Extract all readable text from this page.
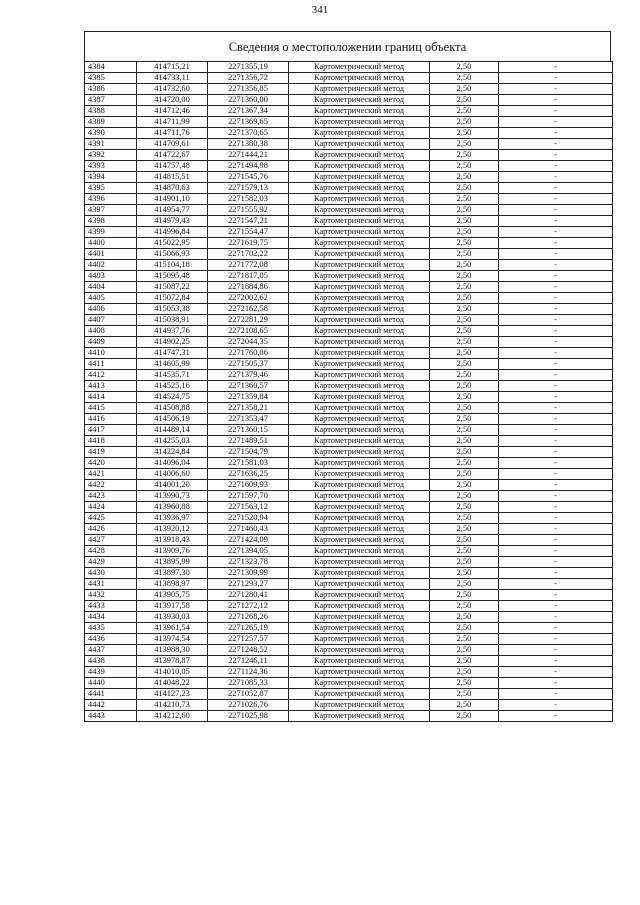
341
Сведения о местоположении границ объекта
4384	414715,21	2271355,19	Картометрический метод	2,50	-
4385	414733,11	2271356,72	Картометрический метод	2,50	-
4386	414732,60	2271356,85	Картометрический метод	2,50	-
4387	414720,00	2271360,00	Картометрический метод	2,50	-
4388	414712,46	2271367,34	Картометрический метод	2,50	-
4389	414711,99	2271369,65	Картометрический метод	2,50	-
4390	414711,76	2271370,65	Картометрический метод	2,50	-
4391	414709,61	2271380,38	Картометрический метод	2,50	-
4392	414722,67	2271444,21	Картометрический метод	2,50	-
4393	414757,48	2271494,98	Картометрический метод	2,50	-
4394	414815,51	2271545,76	Картометрический метод	2,50	-
4395	414870,63	2271579,13	Картометрический метод	2,50	-
4396	414901,10	2271582,03	Картометрический метод	2,50	-
4397	414954,77	2271555,92	Картометрический метод	2,50	-
4398	414979,43	2271547,21	Картометрический метод	2,50	-
4399	414996,84	2271554,47	Картометрический метод	2,50	-
4400	415022,95	2271619,75	Картометрический метод	2,50	-
4401	415066,93	2271702,22	Картометрический метод	2,50	-
4402	415104,18	2271772,08	Картометрический метод	2,50	-
4403	415095,48	2271817,05	Картометрический метод	2,50	-
4404	415087,22	2271884,86	Картометрический метод	2,50	-
4405	415072,84	2272002,62	Картометрический метод	2,50	-
4406	415053,38	2272162,58	Картометрический метод	2,50	-
4407	415038,91	2272281,29	Картометрический метод	2,50	-
4408	414937,76	2272108,65	Картометрический метод	2,50	-
4409	414902,25	2272044,35	Картометрический метод	2,50	-
4410	414747,31	2271760,86	Картометрический метод	2,50	-
4411	414605,99	2271505,37	Картометрический метод	2,50	-
4412	414535,71	2271379,46	Картометрический метод	2,50	-
4413	414525,16	2271360,57	Картометрический метод	2,50	-
4414	414524,75	2271359,84	Картометрический метод	2,50	-
4415	414508,88	2271358,21	Картометрический метод	2,50	-
4416	414506,19	2271353,47	Картометрический метод	2,50	-
4417	414489,14	2271360,15	Картометрический метод	2,50	-
4418	414255,03	2271489,51	Картометрический метод	2,50	-
4419	414224,84	2271504,79	Картометрический метод	2,50	-
4420	414096,04	2271581,03	Картометрический метод	2,50	-
4421	414006,60	2271636,25	Картометрический метод	2,50	-
4422	414001,20	2271609,93	Картометрический метод	2,50	-
4423	413990,73	2271597,70	Картометрический метод	2,50	-
4424	413960,88	2271563,12	Картометрический метод	2,50	-
4425	413936,97	2271520,94	Картометрический метод	2,50	-
4426	413920,12	2271460,43	Картометрический метод	2,50	-
4427	413918,43	2271424,09	Картометрический метод	2,50	-
4428	413909,76	2271394,05	Картометрический метод	2,50	-
4429	413895,99	2271323,78	Картометрический метод	2,50	-
4430	413897,30	2271309,99	Картометрический метод	2,50	-
4431	413898,97	2271293,27	Картометрический метод	2,50	-
4432	413905,75	2271280,41	Картометрический метод	2,50	-
4433	413917,58	2271272,12	Картометрический метод	2,50	-
4434	413930,03	2271268,26	Картометрический метод	2,50	-
4435	413961,54	2271265,19	Картометрический метод	2,50	-
4436	413974,54	2271257,57	Картометрический метод	2,50	-
4437	413988,30	2271248,52	Картометрический метод	2,50	-
4438	413978,87	2271246,11	Картометрический метод	2,50	-
4439	414010,05	2271124,36	Картометрический метод	2,50	-
4440	414048,22	2271085,33	Картометрический метод	2,50	-
4441	414127,23	2271052,87	Картометрический метод	2,50	-
4442	414210,73	2271026,76	Картометрический метод	2,50	-
4443	414212,60	2271025,98	Картометрический метод	2,50	-
